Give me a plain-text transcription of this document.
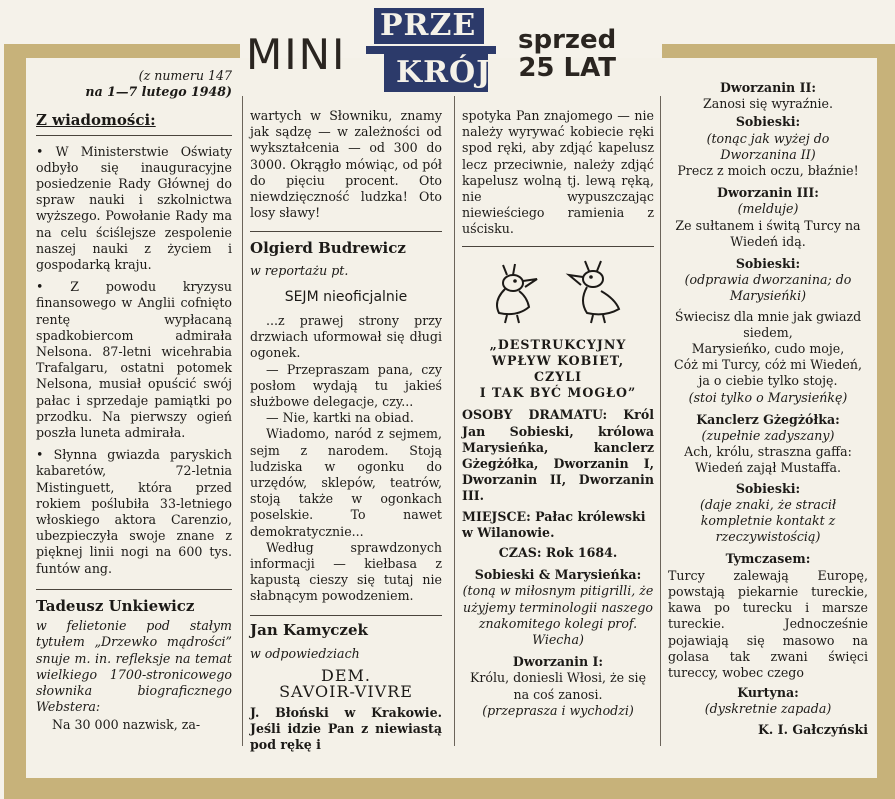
MINI
PRZE
KRÓJ
sprzed
25 LAT

(z numeru 147

na 1—7 lutego 1948)

Z wiadomości:

• W Ministerstwie Oświaty odbyło się inauguracyjne posiedzenie Rady Głównej do spraw nauki i szkolnictwa wyższego. Powołanie Rady ma na celu ściślejsze zespolenie naszej nauki z życiem i gospodarką kraju.

• Z powodu kryzysu finansowego w Anglii cofnięto rentę wypłacaną spadkobiercom admirała Nelsona. 87-letni wicehrabia Trafalgaru, ostatni potomek Nelsona, musiał opuścić swój pałac i sprzedaje pamiątki po przodku. Na pierwszy ogień poszła luneta admirała.

• Słynna gwiazda paryskich kabaretów, 72-letnia Mistinguett, która przed rokiem poślubiła 33-letniego włoskiego aktora Carenzio, ubezpieczyła swoje znane z pięknej linii nogi na 600 tys. funtów ang.

Tadeusz Unkiewicz

w felietonie pod stałym tytułem „Drzewko mądrości” snuje m. in. refleksje na temat wielkiego 1700-stronicowego słownika biograficznego Webstera:

Na 30 000 nazwisk, za-

wartych w Słowniku, znamy jak sądzę — w zależności od wykształcenia — od 300 do 3000. Okrągło mówiąc, od pół do pięciu procent. Oto niewdzięczność ludzka! Oto losy sławy!

Olgierd Budrewicz

w reportażu pt.

SEJM nieoficjalnie

...z prawej strony przy drzwiach uformował się długi ogonek.

— Przepraszam pana, czy posłom wydają tu jakieś służbowe delegacje, czy...

— Nie, kartki na obiad.

Wiadomo, naród z sejmem, sejm z narodem. Stoją ludziska w ogonku do urzędów, sklepów, teatrów, stoją także w ogonkach poselskie. To nawet demokratycznie...

Według sprawdzonych informacji — kiełbasa z kapustą cieszy się tutaj nie słabnącym powodzeniem.

Jan Kamyczek

w odpowiedziach

DEM.

SAVOIR-VIVRE

J. Błoński w Krakowie. Jeśli idzie Pan z niewiastą pod rękę i

spotyka Pan znajomego — nie należy wyrywać kobiecie ręki spod ręki, aby zdjąć kapelusz lecz przeciwnie, należy zdjąć kapelusz wolną tj. lewą ręką, nie wypuszczając niewieściego ramienia z uścisku.

„DESTRUKCYJNY

WPŁYW KOBIET,

CZYLI

I TAK BYĆ MOGŁO”

OSOBY DRAMATU: Król Jan Sobieski, królowa Marysieńka, kanclerz Gżegżółka, Dworzanin I, Dworzanin II, Dworzanin III.

MIEJSCE: Pałac królewski w Wilanowie.

CZAS: Rok 1684.

Sobieski & Marysieńka:

(toną w miłosnym pitigrilli, że użyjemy terminologii naszego znakomitego kolegi prof. Wiecha)

Dworzanin I:

Królu, doniesli Włosi, że się na coś zanosi.

(przeprasza i wychodzi)

Dworzanin II:

Zanosi się wyraźnie.

Sobieski:

(tonąc jak wyżej do Dworzanina II)

Precz z moich oczu, błaźnie!

Dworzanin III:

(melduje)

Ze sułtanem i świtą Turcy na Wiedeń idą.

Sobieski:

(odprawia dworzanina; do Marysieńki)

Świecisz dla mnie jak gwiazd siedem,

Marysieńko, cudo moje,

Cóż mi Turcy, cóż mi Wiedeń,

ja o ciebie tylko stoję.

(stoi tylko o Marysieńkę)

Kanclerz Gżegżółka:

(zupełnie zadyszany)

Ach, królu, straszna gaffa:

Wiedeń zajął Mustaffa.

Sobieski:

(daje znaki, że stracił kompletnie kontakt z rzeczywistością)

Tymczasem:

Turcy zalewają Europę, powstają piekarnie tureckie, kawa po turecku i marsze tureckie. Jednocześnie pojawiają się masowo na golasa tak zwani święci tureccy, wobec czego

Kurtyna:

(dyskretnie zapada)

K. I. Gałczyński
